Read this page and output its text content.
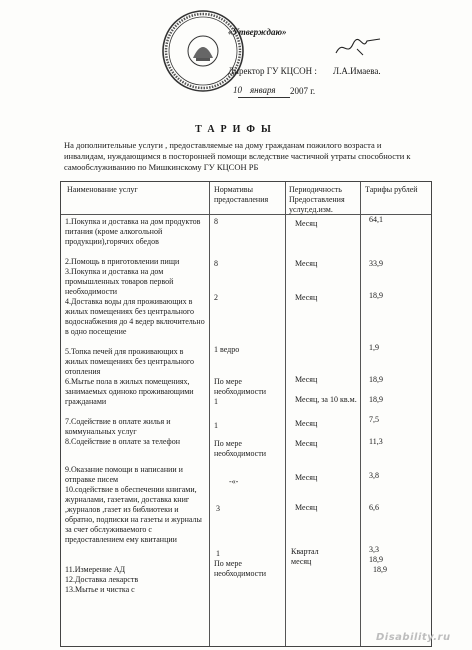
«Утверждаю»
Директор ГУ КЦСОН : Л.А.Имаева.
10 января 2007 г.
ТАРИФЫ
На дополнительные услуги , предоставляемые на дому гражданам пожилого возраста и инвалидам, нуждающимся в посторонней помощи вследствие частичной утраты способности к самообслуживанию по Мишкинскому ГУ КЦСОН РБ
Наименование услуг	Нормативы предоставления
Периодичность Предоставления услуг,ед.изм.
Тарифы рублей
1.Покупка и доставка на дом продуктов питания (кроме алкогольной продукции),горячих обедов
2.Помощь в приготовлении пищи
3.Покупка и доставка на дом промышленных товаров первой необходимости
4.Доставка воды для проживающих в жилых помещениях без центрального водоснабжения до 4 ведер включительно в одно посещение
5.Топка печей для проживающих в жилых помещениях без центрального отопления
6.Мытье пола в жилых помещениях, занимаемых одиноко проживающими гражданами
7.Содействие в оплате жилья и коммунальных услуг
8.Содействие в оплате за телефон
9.Оказание помощи в написании и отправке писем
10.содействие в обеспечении книгами, журналами, газетами, доставка книг ,журналов ,газет из библиотеки и обратно, подписки на газеты и журналы за счет обслуживаемого с предоставлением ему квитанции
11.Измерение АД
12.Доставка лекарств
13.Мытье и чистка с
8
8
2
1 ведро
По мере необходимости
1
1
По мере необходимости
-«-
3
1
По мере необходимости
Месяц
Месяц
Месяц
Месяц
Месяц, за 10 кв.м.
Месяц
Месяц
Месяц
Месяц
Квартал
месяц
64,1
33,9
18,9
1,9
18,9
18,9
7,5
11,3
3,8
6,6
3,3
18,9
18,9
Disability.ru
